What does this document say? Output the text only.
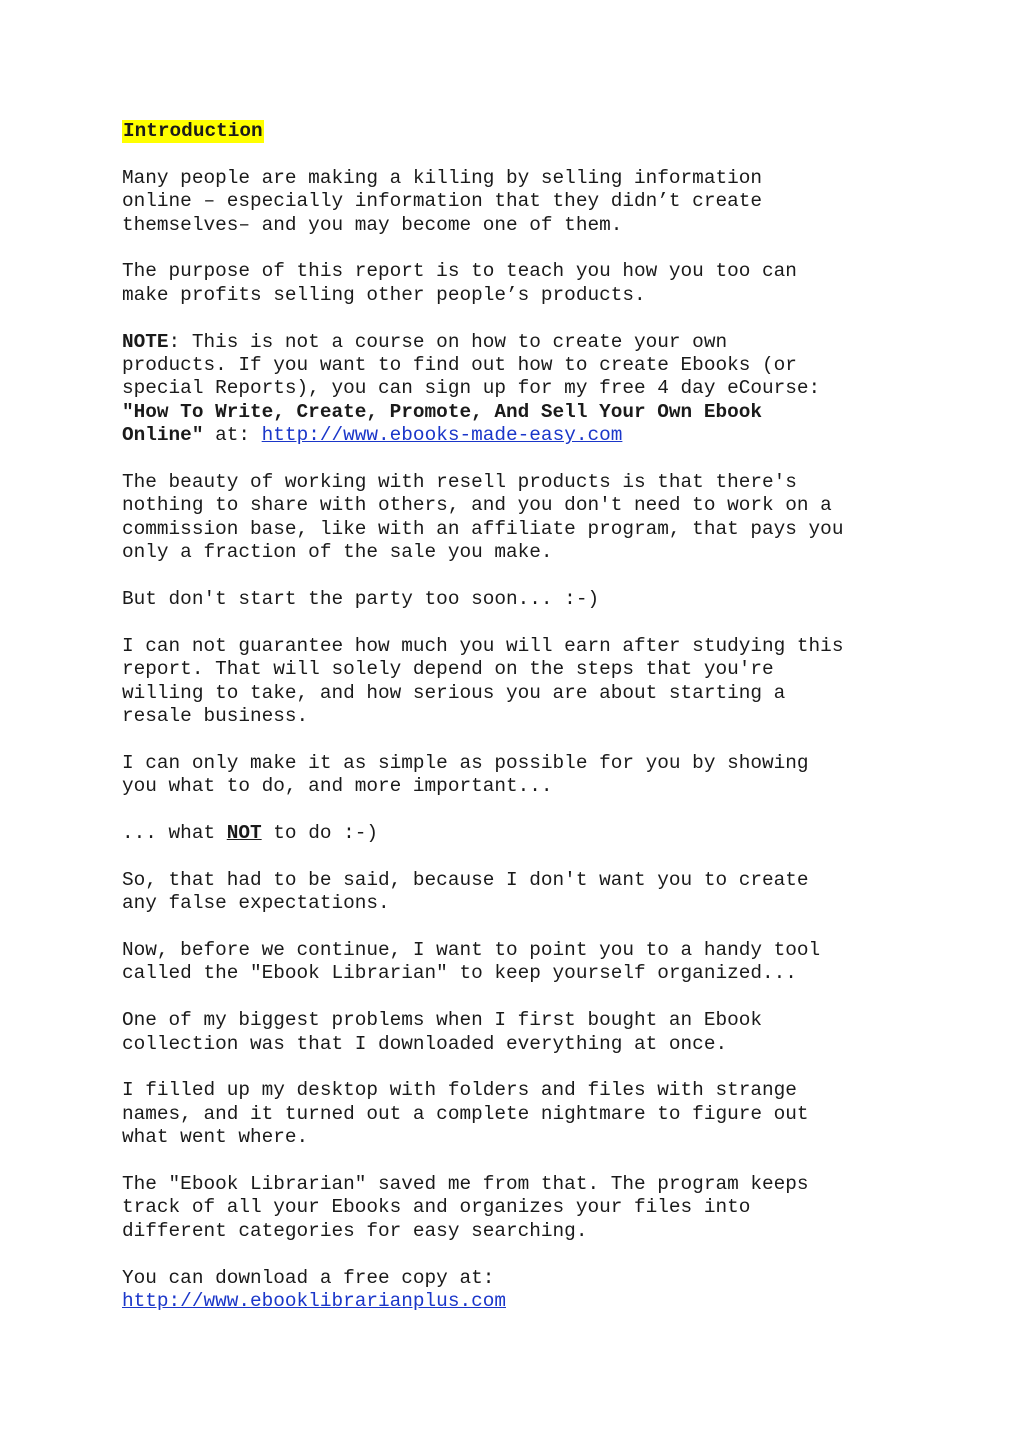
Introduction

Many people are making a killing by selling information
online – especially information that they didn’t create
themselves– and you may become one of them.

The purpose of this report is to teach you how you too can
make profits selling other people’s products.

NOTE: This is not a course on how to create your own
products. If you want to find out how to create Ebooks (or
special Reports), you can sign up for my free 4 day eCourse:
"How To Write, Create, Promote, And Sell Your Own Ebook
Online" at: http://www.ebooks-made-easy.com

The beauty of working with resell products is that there's
nothing to share with others, and you don't need to work on a
commission base, like with an affiliate program, that pays you
only a fraction of the sale you make.

But don't start the party too soon... :-)

I can not guarantee how much you will earn after studying this
report. That will solely depend on the steps that you're
willing to take, and how serious you are about starting a
resale business.

I can only make it as simple as possible for you by showing
you what to do, and more important...

... what NOT to do :-)

So, that had to be said, because I don't want you to create
any false expectations.

Now, before we continue, I want to point you to a handy tool
called the "Ebook Librarian" to keep yourself organized...

One of my biggest problems when I first bought an Ebook
collection was that I downloaded everything at once.

I filled up my desktop with folders and files with strange
names, and it turned out a complete nightmare to figure out
what went where.

The "Ebook Librarian" saved me from that. The program keeps
track of all your Ebooks and organizes your files into
different categories for easy searching.

You can download a free copy at:
http://www.ebooklibrarianplus.com
